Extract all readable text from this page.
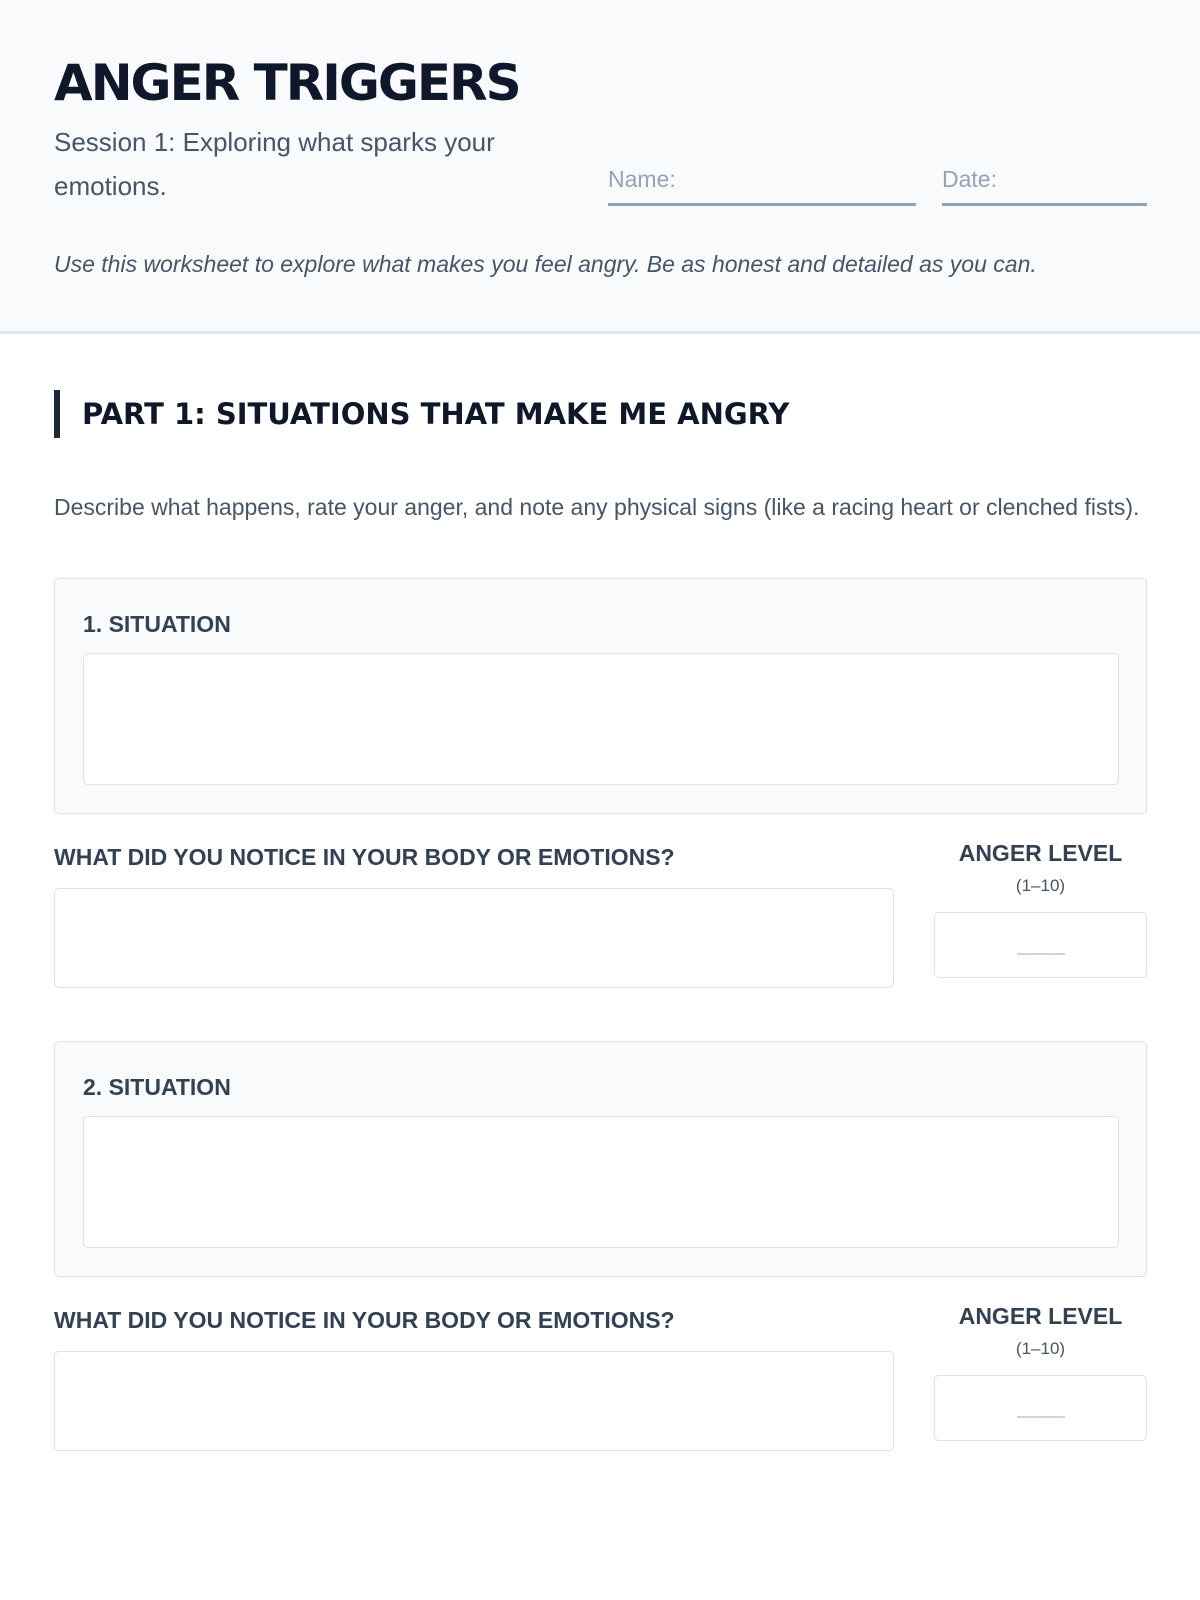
ANGER TRIGGERS

Session 1: Exploring what sparks your emotions.	Name:	Date:

Use this worksheet to explore what makes you feel angry. Be as honest and detailed as you can.

PART 1: SITUATIONS THAT MAKE ME ANGRY

Describe what happens, rate your anger, and note any physical signs (like a racing heart or clenched fists).

1. SITUATION
WHAT DID YOU NOTICE IN YOUR BODY OR EMOTIONS?	ANGER LEVEL
(1–10)
2. SITUATION
WHAT DID YOU NOTICE IN YOUR BODY OR EMOTIONS?	ANGER LEVEL
(1–10)
